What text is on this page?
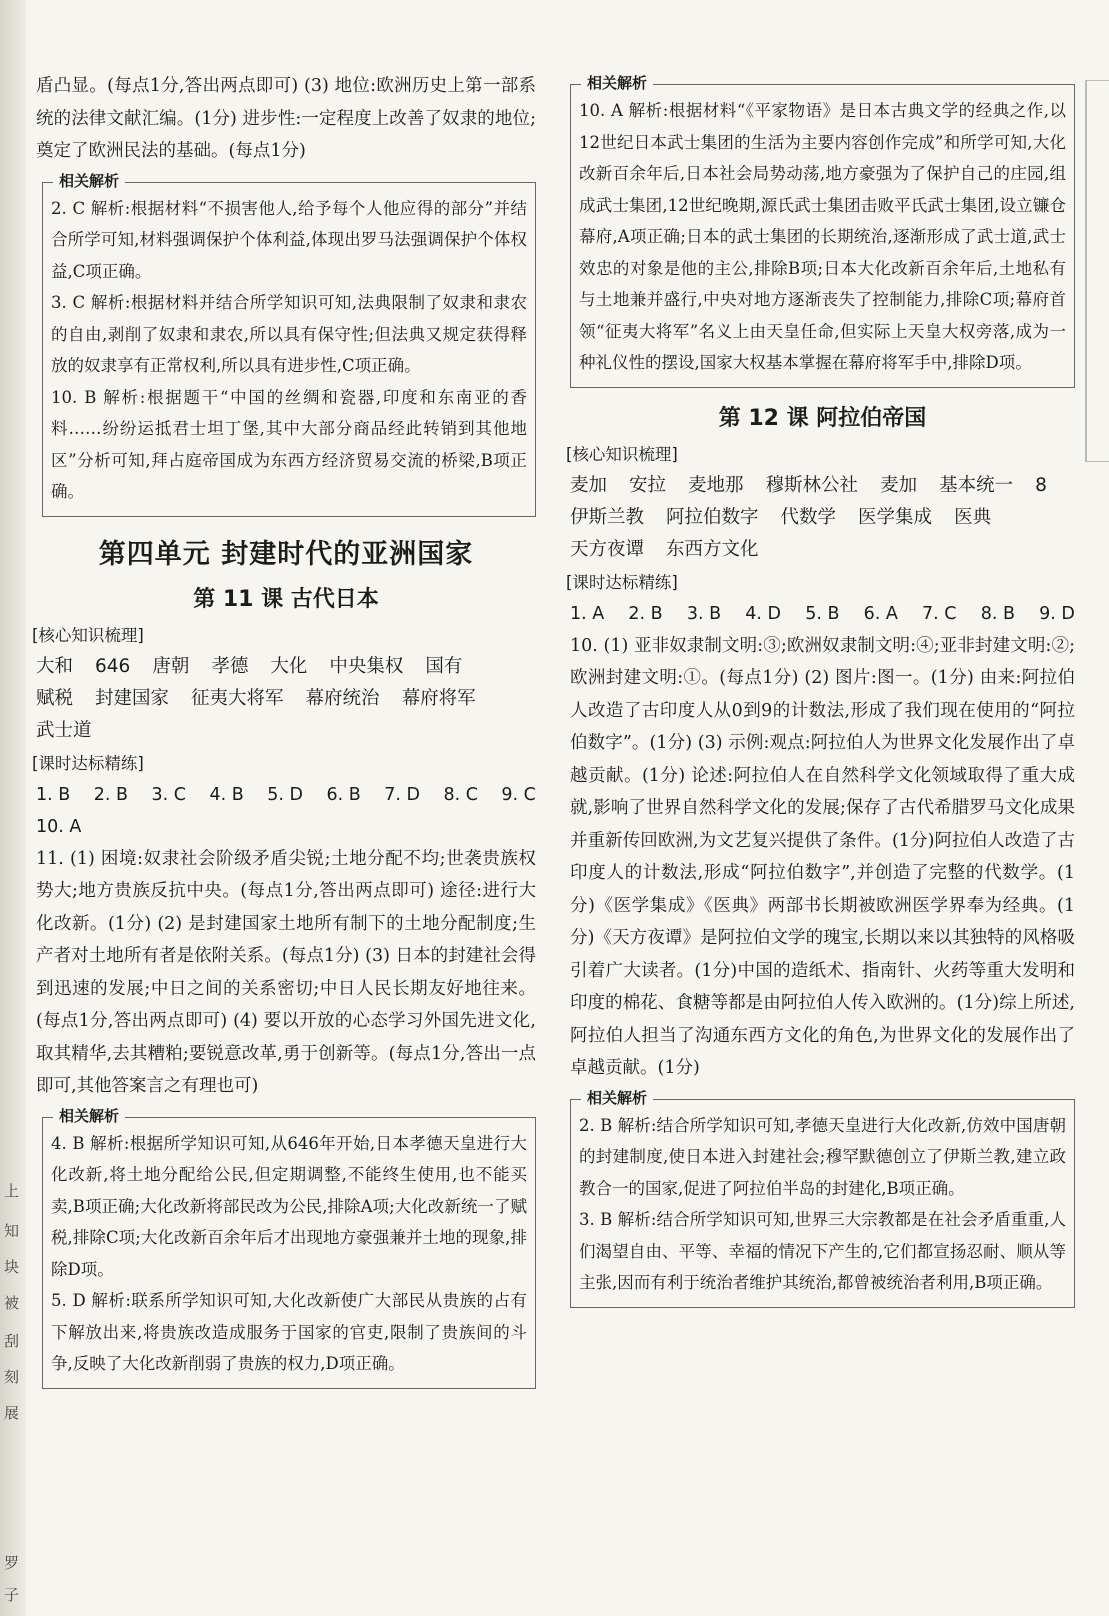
上
知
块
被
刮
刻
展
罗
子

盾凸显。(每点1分,答出两点即可) (3) 地位:欧洲历史上第一部系统的法律文献汇编。(1分) 进步性:一定程度上改善了奴隶的地位;奠定了欧洲民法的基础。(每点1分)

相关解析

2. C 解析:根据材料“不损害他人,给予每个人他应得的部分”并结合所学可知,材料强调保护个体利益,体现出罗马法强调保护个体权益,C项正确。

3. C 解析:根据材料并结合所学知识可知,法典限制了奴隶和隶农的自由,剥削了奴隶和隶农,所以具有保守性;但法典又规定获得释放的奴隶享有正常权利,所以具有进步性,C项正确。

10. B 解析:根据题干“中国的丝绸和瓷器,印度和东南亚的香料……纷纷运抵君士坦丁堡,其中大部分商品经此转销到其他地区”分析可知,拜占庭帝国成为东西方经济贸易交流的桥梁,B项正确。

第四单元 封建时代的亚洲国家
第 11 课 古代日本
[核心知识梳理]
大和 646 唐朝 孝德 大化 中央集权 国有
赋税 封建国家 征夷大将军 幕府统治 幕府将军
武士道
[课时达标精练]
1. B 2. B 3. C 4. B 5. D 6. B 7. D 8. C 9. C
10. A

11. (1) 困境:奴隶社会阶级矛盾尖锐;土地分配不均;世袭贵族权势大;地方贵族反抗中央。(每点1分,答出两点即可) 途径:进行大化改新。(1分) (2) 是封建国家土地所有制下的土地分配制度;生产者对土地所有者是依附关系。(每点1分) (3) 日本的封建社会得到迅速的发展;中日之间的关系密切;中日人民长期友好地往来。(每点1分,答出两点即可) (4) 要以开放的心态学习外国先进文化,取其精华,去其糟粕;要锐意改革,勇于创新等。(每点1分,答出一点即可,其他答案言之有理也可)

相关解析

4. B 解析:根据所学知识可知,从646年开始,日本孝德天皇进行大化改新,将土地分配给公民,但定期调整,不能终生使用,也不能买卖,B项正确;大化改新将部民改为公民,排除A项;大化改新统一了赋税,排除C项;大化改新百余年后才出现地方豪强兼并土地的现象,排除D项。

5. D 解析:联系所学知识可知,大化改新使广大部民从贵族的占有下解放出来,将贵族改造成服务于国家的官吏,限制了贵族间的斗争,反映了大化改新削弱了贵族的权力,D项正确。

相关解析

10. A 解析:根据材料“《平家物语》是日本古典文学的经典之作,以12世纪日本武士集团的生活为主要内容创作完成”和所学可知,大化改新百余年后,日本社会局势动荡,地方豪强为了保护自己的庄园,组成武士集团,12世纪晚期,源氏武士集团击败平氏武士集团,设立镰仓幕府,A项正确;日本的武士集团的长期统治,逐渐形成了武士道,武士效忠的对象是他的主公,排除B项;日本大化改新百余年后,土地私有与土地兼并盛行,中央对地方逐渐丧失了控制能力,排除C项;幕府首领“征夷大将军”名义上由天皇任命,但实际上天皇大权旁落,成为一种礼仪性的摆设,国家大权基本掌握在幕府将军手中,排除D项。

第 12 课 阿拉伯帝国
[核心知识梳理]
麦加 安拉 麦地那 穆斯林公社 麦加 基本统一 8
伊斯兰教 阿拉伯数字 代数学 医学集成 医典
天方夜谭 东西方文化
[课时达标精练]
1. A 2. B 3. B 4. D 5. B 6. A 7. C 8. B 9. D

10. (1) 亚非奴隶制文明:③;欧洲奴隶制文明:④;亚非封建文明:②;欧洲封建文明:①。(每点1分) (2) 图片:图一。(1分) 由来:阿拉伯人改造了古印度人从0到9的计数法,形成了我们现在使用的“阿拉伯数字”。(1分) (3) 示例:观点:阿拉伯人为世界文化发展作出了卓越贡献。(1分) 论述:阿拉伯人在自然科学文化领域取得了重大成就,影响了世界自然科学文化的发展;保存了古代希腊罗马文化成果并重新传回欧洲,为文艺复兴提供了条件。(1分)阿拉伯人改造了古印度人的计数法,形成“阿拉伯数字”,并创造了完整的代数学。(1分)《医学集成》《医典》两部书长期被欧洲医学界奉为经典。(1分)《天方夜谭》是阿拉伯文学的瑰宝,长期以来以其独特的风格吸引着广大读者。(1分)中国的造纸术、指南针、火药等重大发明和印度的棉花、食糖等都是由阿拉伯人传入欧洲的。(1分)综上所述,阿拉伯人担当了沟通东西方文化的角色,为世界文化的发展作出了卓越贡献。(1分)

相关解析

2. B 解析:结合所学知识可知,孝德天皇进行大化改新,仿效中国唐朝的封建制度,使日本进入封建社会;穆罕默德创立了伊斯兰教,建立政教合一的国家,促进了阿拉伯半岛的封建化,B项正确。

3. B 解析:结合所学知识可知,世界三大宗教都是在社会矛盾重重,人们渴望自由、平等、幸福的情况下产生的,它们都宣扬忍耐、顺从等主张,因而有利于统治者维护其统治,都曾被统治者利用,B项正确。
